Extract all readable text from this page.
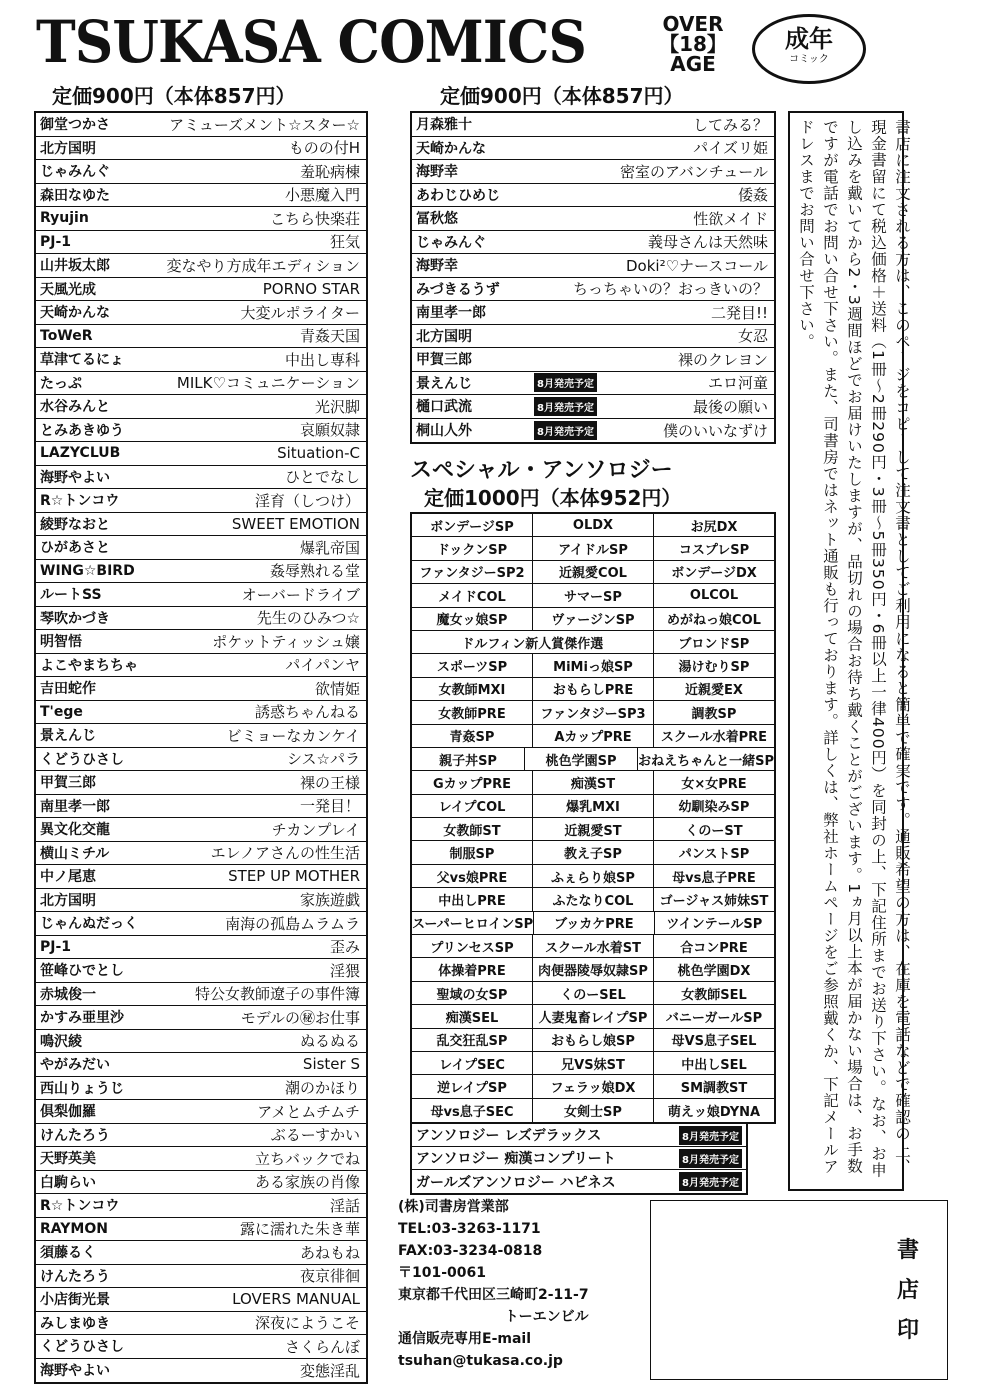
TSUKASA COMICS	OVER
【18】
AGE
成年
コミック
定価900円（本体857円）	定価900円（本体857円）
御堂つかさ	アミューズメント☆スター☆
北方国明	ものの付H
じゃみんぐ	羞恥病棟
森田なゆた	小悪魔入門
Ryujin	こちら快楽荘
PJ-1	狂気
山井坂太郎	変なやり方成年エディション
天風光成	PORNO STAR
天崎かんな	大変ルポライター
ToWeR	青姦天国
草津てるにょ	中出し専科
たっぷ	MILK♡コミュニケーション
水谷みんと	光沢脚
とみあきゆう	哀願奴隷
LAZYCLUB	Situation-C
海野やよい	ひとでなし
R☆トンコウ	淫育（しつけ）
綾野なおと	SWEET EMOTION
ひがあさと	爆乳帝国
WING☆BIRD	姦辱熟れる堂
ルートSS	オーバードライブ
琴吹かづき	先生のひみつ☆
明智悟	ポケットティッシュ嬢
よこやまちちゃ	パイパンヤ
吉田蛇作	欲情姫
T'ege	誘惑ちゃんねる
景えんじ	ビミョーなカンケイ
くどうひさし	シス☆パラ
甲賀三郎	裸の王様
南里孝一郎	一発目！
異文化交龍	チカンプレイ
横山ミチル	エレノアさんの性生活
中ノ尾恵	STEP UP MOTHER
北方国明	家族遊戯
じゃんぬだっく	南海の孤島ムラムラ
PJ-1	歪み
笹峰ひでとし	淫猥
赤城俊一	特公女教師遼子の事件簿
かすみ亜里沙	モデルの㊙お仕事
鳴沢綾	ぬるぬる
やがみだい	Sister S
西山りょうじ	潮のかほり
倶梨伽羅	アメとムチムチ
けんたろう	ぶるーすかい
天野英美	立ちバックでね
白駒らい	ある家族の肖像
R☆トンコウ	淫話
RAYMON	露に濡れた朱き華
須藤るく	あねもね
けんたろう	夜京徘徊
小店街光景	LOVERS MANUAL
みしまゆき	深夜にようこそ
くどうひさし	さくらんぼ
海野やよい	変態淫乱
月森雅十	してみる？
天崎かんな	パイズリ姫
海野幸	密室のアバンチュール
あわじひめじ	倭姦
冨秋悠	性欲メイド
じゃみんぐ	義母さんは天然味
海野幸	Doki²♡ナースコール
みづきるうず	ちっちゃいの？おっきいの？
南里孝一郎	二発目!!
北方国明	女忍
甲賀三郎	裸のクレヨン
景えんじ	8月発売予定	エロ河童
樋口武流	8月発売予定	最後の願い
桐山人外	8月発売予定	僕のいいなずけ
スペシャル・アンソロジー
定価1000円（本体952円）
ボンデージSP	OLDX	お尻DX
ドックンSP	アイドルSP	コスプレSP
ファンタジーSP2	近親愛COL	ボンデージDX
メイドCOL	サマーSP	OLCOL
魔女ッ娘SP	ヴァージンSP	めがねっ娘COL
ドルフィン新人賞傑作選	ブロンドSP
スポーツSP	MiMiっ娘SP	湯けむりSP
女教師MXI	おもらしPRE	近親愛EX
女教師PRE	ファンタジーSP3	調教SP
青姦SP	AカップPRE	スクール水着PRE
親子丼SP	桃色学園SP	おねえちゃんと一緒SP
GカップPRE	痴漢ST	女×女PRE
レイプCOL	爆乳MXI	幼馴染みSP
女教師ST	近親愛ST	くのーST
制服SP	教え子SP	パンストSP
父vs娘PRE	ふぇらり娘SP	母vs息子PRE
中出しPRE	ふたなりCOL	ゴージャス姉妹ST
スーパーヒロインSP	ブッカケPRE	ツインテールSP
プリンセスSP	スクール水着ST	合コンPRE
体操着PRE	肉便器陵辱奴隷SP	桃色学園DX
聖域の女SP	くのーSEL	女教師SEL
痴漢SEL	人妻鬼畜レイプSP	バニーガールSP
乱交狂乱SP	おもらし娘SP	母VS息子SEL
レイプSEC	兄VS妹ST	中出しSEL
逆レイプSP	フェラッ娘DX	SM調教ST
母vs息子SEC	女剣士SP	萌えッ娘DYNA
アンソロジー レズデラックス	8月発売予定
アンソロジー 痴漢コンプリート	8月発売予定
ガールズアンソロジー ハピネス	8月発売予定
書店に注文される方は、このページをコピーして注文書としてご利用になると簡単で確実です。通販希望の方は、在庫を電話などで確認の上、現金書留にて税込価格＋送料（1冊〜2冊290円・3冊〜5冊350円・6冊以上一律400円）を同封の上、下記住所までお送り下さい。なお、お申し込みを戴いてから2・3週間ほどでお届けいたしますが、品切れの場合お待ち戴くことがございます。1ヵ月以上本が届かない場合は、お手数ですが電話でお問い合せ下さい。また、司書房ではネット通販も行っております。詳しくは、弊社ホームページをご参照戴くか、下記メールアドレスまでお問い合せ下さい。
(株)司書房営業部
TEL:03-3263-1171
FAX:03-3234-0818
〒101-0061
東京都千代田区三崎町2-11-7
トーエンビル
通信販売専用E-mail
tsuhan@tukasa.co.jp
書
店
印
